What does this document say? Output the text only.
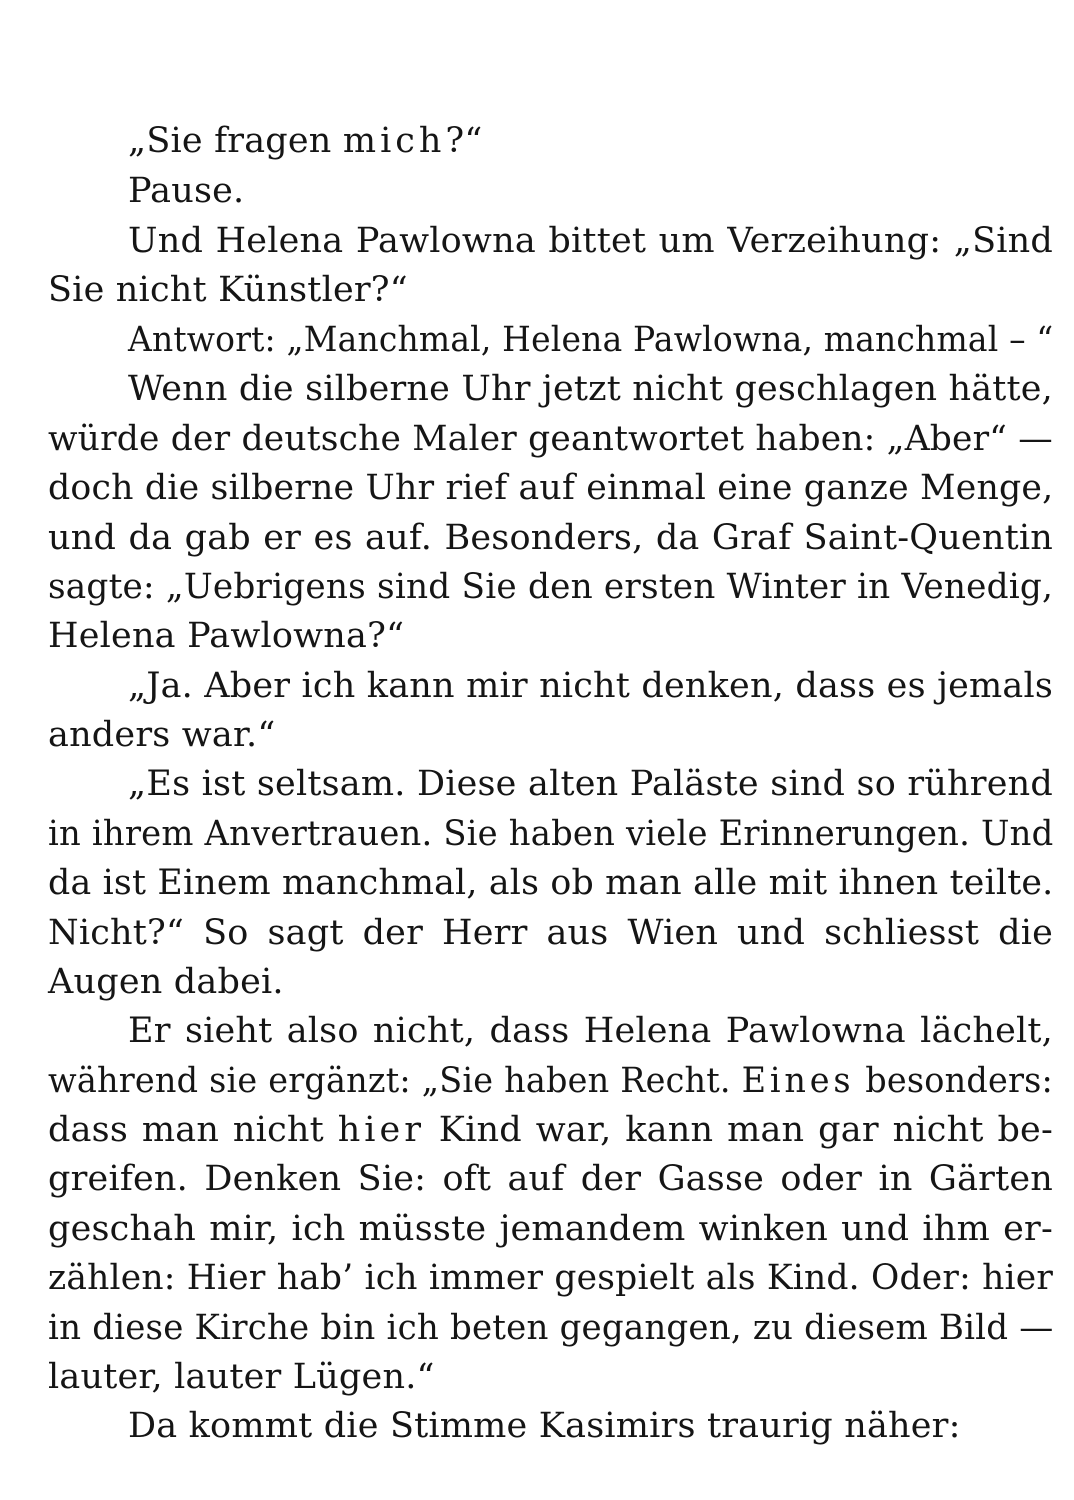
„Sie fragen mich?“
Pause.
Und Helena Pawlowna bittet um Verzeihung: „Sind
Sie nicht Künstler?“
Antwort: „Manchmal, Helena Pawlowna, manchmal – “
Wenn die silberne Uhr jetzt nicht geschlagen hätte,
würde der deutsche Maler geantwortet haben: „Aber“ —
doch die silberne Uhr rief auf einmal eine ganze Menge,
und da gab er es auf. Besonders, da Graf Saint-Quentin
sagte: „Uebrigens sind Sie den ersten Winter in Venedig,
Helena Pawlowna?“
„Ja. Aber ich kann mir nicht denken, dass es jemals
anders war.“
„Es ist seltsam. Diese alten Paläste sind so rührend
in ihrem Anvertrauen. Sie haben viele Erinnerungen. Und
da ist Einem manchmal, als ob man alle mit ihnen teilte.
Nicht?“ So sagt der Herr aus Wien und schliesst die
Augen dabei.
Er sieht also nicht, dass Helena Pawlowna lächelt,
während sie ergänzt: „Sie haben Recht. Eines besonders:
dass man nicht hier Kind war, kann man gar nicht be-
greifen. Denken Sie: oft auf der Gasse oder in Gärten
geschah mir, ich müsste jemandem winken und ihm er-
zählen: Hier hab’ ich immer gespielt als Kind. Oder: hier
in diese Kirche bin ich beten gegangen, zu diesem Bild —
lauter, lauter Lügen.“
Da kommt die Stimme Kasimirs traurig näher:
